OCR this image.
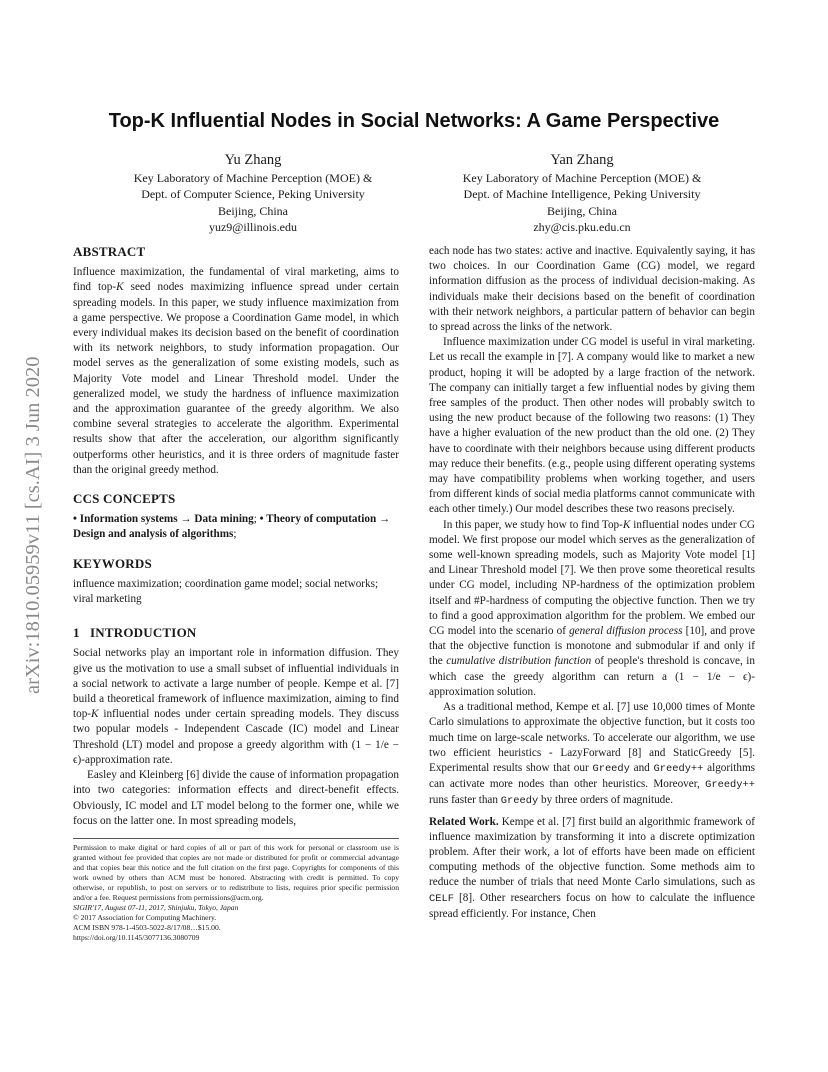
arXiv:1810.05959v11 [cs.AI] 3 Jun 2020
Top-K Influential Nodes in Social Networks: A Game Perspective
Yu Zhang
Key Laboratory of Machine Perception (MOE) &
Dept. of Computer Science, Peking University
Beijing, China
yuz9@illinois.edu
Yan Zhang
Key Laboratory of Machine Perception (MOE) &
Dept. of Machine Intelligence, Peking University
Beijing, China
zhy@cis.pku.edu.cn
ABSTRACT

Influence maximization, the fundamental of viral marketing, aims to find top-K seed nodes maximizing influence spread under certain spreading models. In this paper, we study influence maximization from a game perspective. We propose a Coordination Game model, in which every individual makes its decision based on the benefit of coordination with its network neighbors, to study information propagation. Our model serves as the generalization of some existing models, such as Majority Vote model and Linear Threshold model. Under the generalized model, we study the hardness of influence maximization and the approximation guarantee of the greedy algorithm. We also combine several strategies to accelerate the algorithm. Experimental results show that after the acceleration, our algorithm significantly outperforms other heuristics, and it is three orders of magnitude faster than the original greedy method.

CCS CONCEPTS

• Information systems → Data mining; • Theory of computation → Design and analysis of algorithms;

KEYWORDS

influence maximization; coordination game model; social networks; viral marketing

1   INTRODUCTION

Social networks play an important role in information diffusion. They give us the motivation to use a small subset of influential individuals in a social network to activate a large number of people. Kempe et al. [7] build a theoretical framework of influence maximization, aiming to find top-K influential nodes under certain spreading models. They discuss two popular models - Independent Cascade (IC) model and Linear Threshold (LT) model and propose a greedy algorithm with (1 − 1/e − ϵ)-approximation rate.

Easley and Kleinberg [6] divide the cause of information propagation into two categories: information effects and direct-benefit effects. Obviously, IC model and LT model belong to the former one, while we focus on the latter one. In most spreading models,

Permission to make digital or hard copies of all or part of this work for personal or classroom use is granted without fee provided that copies are not made or distributed for profit or commercial advantage and that copies bear this notice and the full citation on the first page. Copyrights for components of this work owned by others than ACM must be honored. Abstracting with credit is permitted. To copy otherwise, or republish, to post on servers or to redistribute to lists, requires prior specific permission and/or a fee. Request permissions from permissions@acm.org.

SIGIR'17, August 07-11, 2017, Shinjuku, Tokyo, Japan

© 2017 Association for Computing Machinery.

ACM ISBN 978-1-4503-5022-8/17/08…$15.00.

https://doi.org/10.1145/3077136.3080709

each node has two states: active and inactive. Equivalently saying, it has two choices. In our Coordination Game (CG) model, we regard information diffusion as the process of individual decision-making. As individuals make their decisions based on the benefit of coordination with their network neighbors, a particular pattern of behavior can begin to spread across the links of the network.

Influence maximization under CG model is useful in viral marketing. Let us recall the example in [7]. A company would like to market a new product, hoping it will be adopted by a large fraction of the network. The company can initially target a few influential nodes by giving them free samples of the product. Then other nodes will probably switch to using the new product because of the following two reasons: (1) They have a higher evaluation of the new product than the old one. (2) They have to coordinate with their neighbors because using different products may reduce their benefits. (e.g., people using different operating systems may have compatibility problems when working together, and users from different kinds of social media platforms cannot communicate with each other timely.) Our model describes these two reasons precisely.

In this paper, we study how to find Top-K influential nodes under CG model. We first propose our model which serves as the generalization of some well-known spreading models, such as Majority Vote model [1] and Linear Threshold model [7]. We then prove some theoretical results under CG model, including NP-hardness of the optimization problem itself and #P-hardness of computing the objective function. Then we try to find a good approximation algorithm for the problem. We embed our CG model into the scenario of general diffusion process [10], and prove that the objective function is monotone and submodular if and only if the cumulative distribution function of people's threshold is concave, in which case the greedy algorithm can return a (1 − 1/e − ϵ)-approximation solution.

As a traditional method, Kempe et al. [7] use 10,000 times of Monte Carlo simulations to approximate the objective function, but it costs too much time on large-scale networks. To accelerate our algorithm, we use two efficient heuristics - LazyForward [8] and StaticGreedy [5]. Experimental results show that our Greedy and Greedy++ algorithms can activate more nodes than other heuristics. Moreover, Greedy++ runs faster than Greedy by three orders of magnitude.

Related Work. Kempe et al. [7] first build an algorithmic framework of influence maximization by transforming it into a discrete optimization problem. After their work, a lot of efforts have been made on efficient computing methods of the objective function. Some methods aim to reduce the number of trials that need Monte Carlo simulations, such as CELF [8]. Other researchers focus on how to calculate the influence spread efficiently. For instance, Chen
